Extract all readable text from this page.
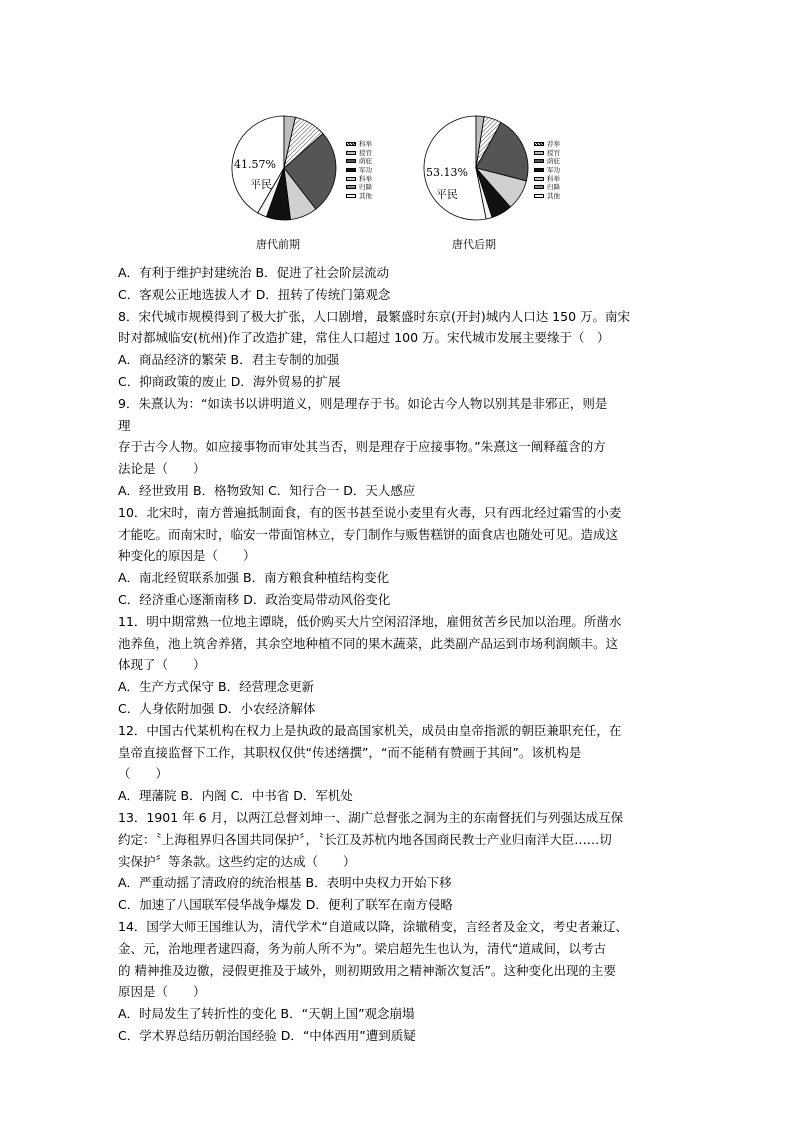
41.57%
平民
唐代前期
科举
授官
荫庇
军功
科举
归降
其他
53.13%
平民
唐代后期
荐举
授官
荫庇
军功
科举
归降
其他
A．有利于维护封建统治 B．促进了社会阶层流动
C．客观公正地选拔人才 D．扭转了传统门第观念
8．宋代城市规模得到了极大扩张，人口剧增，最繁盛时东京(开封)城内人口达 150 万。南宋
时对都城临安(杭州)作了改造扩建，常住人口超过 100 万。宋代城市发展主要缘于（　）
A．商品经济的繁荣 B．君主专制的加强
C．抑商政策的废止 D．海外贸易的扩展
9．朱熹认为：“如读书以讲明道义，则是理存于书。如论古今人物以别其是非邪正，则是
理
存于古今人物。如应接事物而审处其当否，则是理存于应接事物。”朱熹这一阐释蕴含的方
法论是（　　）
A．经世致用 B．格物致知 C．知行合一 D．天人感应
10．北宋时，南方普遍抵制面食，有的医书甚至说小麦里有火毒，只有西北经过霜雪的小麦
才能吃。而南宋时，临安一带面馆林立，专门制作与贩售糕饼的面食店也随处可见。造成这
种变化的原因是（　　）
A．南北经贸联系加强 B．南方粮食种植结构变化
C．经济重心逐渐南移 D．政治变局带动风俗变化
11．明中期常熟一位地主谭晓，低价购买大片空闲沼泽地，雇佣贫苦乡民加以治理。所凿水
池养鱼，池上筑舍养猪，其余空地种植不同的果木蔬菜，此类副产品运到市场利润颇丰。这
体现了（　　）
A．生产方式保守 B．经营理念更新
C．人身依附加强 D．小农经济解体
12．中国古代某机构在权力上是执政的最高国家机关，成员由皇帝指派的朝臣兼职充任，在
皇帝直接监督下工作，其职权仅供“传述缮撰”，“而不能稍有赞画于其间”。该机构是
（　　）
A．理藩院 B．内阁 C．中书省 D．军机处
13．1901 年 6 月，以两江总督刘坤一、湖广总督张之洞为主的东南督抚们与列强达成互保
约定：〝上海租界归各国共同保护〞，〝长江及苏杭内地各国商民教士产业归南洋大臣……切
实保护〞等条款。这些约定的达成（　　）
A．严重动摇了清政府的统治根基 B．表明中央权力开始下移
C．加速了八国联军侵华战争爆发 D．便利了联军在南方侵略
14．国学大师王国维认为，清代学术“自道咸以降，涂辙稍变，言经者及金文，考史者兼辽、
金、元，治地理者逮四裔，务为前人所不为”。梁启超先生也认为，清代“道咸间，以考古
的 精神推及边徼，浸假更推及于域外，则初期致用之精神渐次复活”。这种变化出现的主要
原因是（　　）
A．时局发生了转折性的变化 B．“天朝上国”观念崩塌
C．学术界总结历朝治国经验 D．“中体西用”遭到质疑
